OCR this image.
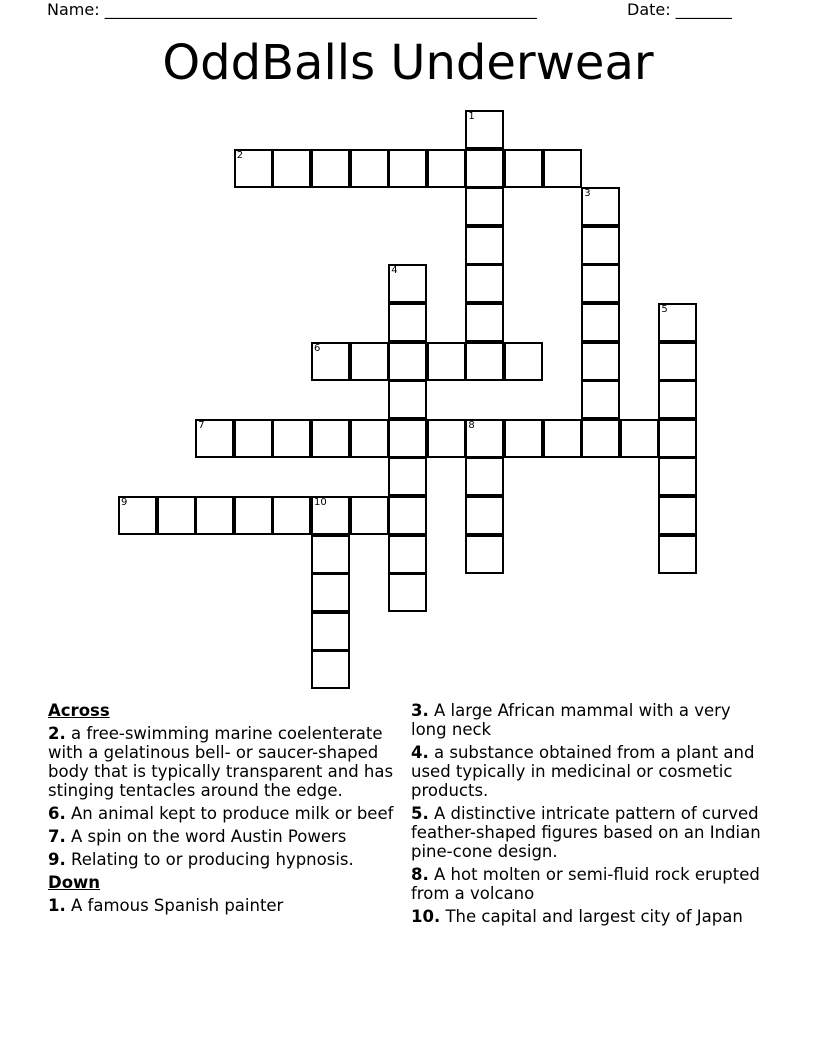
Name: ______________________________________________________	Date: _______
OddBalls Underwear
1
2
3
4
5
6
7	8
9	10
Across
2. a free-swimming marine coelenterate with a gelatinous bell- or saucer-shaped body that is typically transparent and has stinging tentacles around the edge.
6. An animal kept to produce milk or beef
7. A spin on the word Austin Powers
9. Relating to or producing hypnosis.
Down
1. A famous Spanish painter
3. A large African mammal with a very long neck
4. a substance obtained from a plant and used typically in medicinal or cosmetic products.
5. A distinctive intricate pattern of curved feather-shaped figures based on an Indian pine-cone design.
8. A hot molten or semi-fluid rock erupted from a volcano
10. The capital and largest city of Japan
